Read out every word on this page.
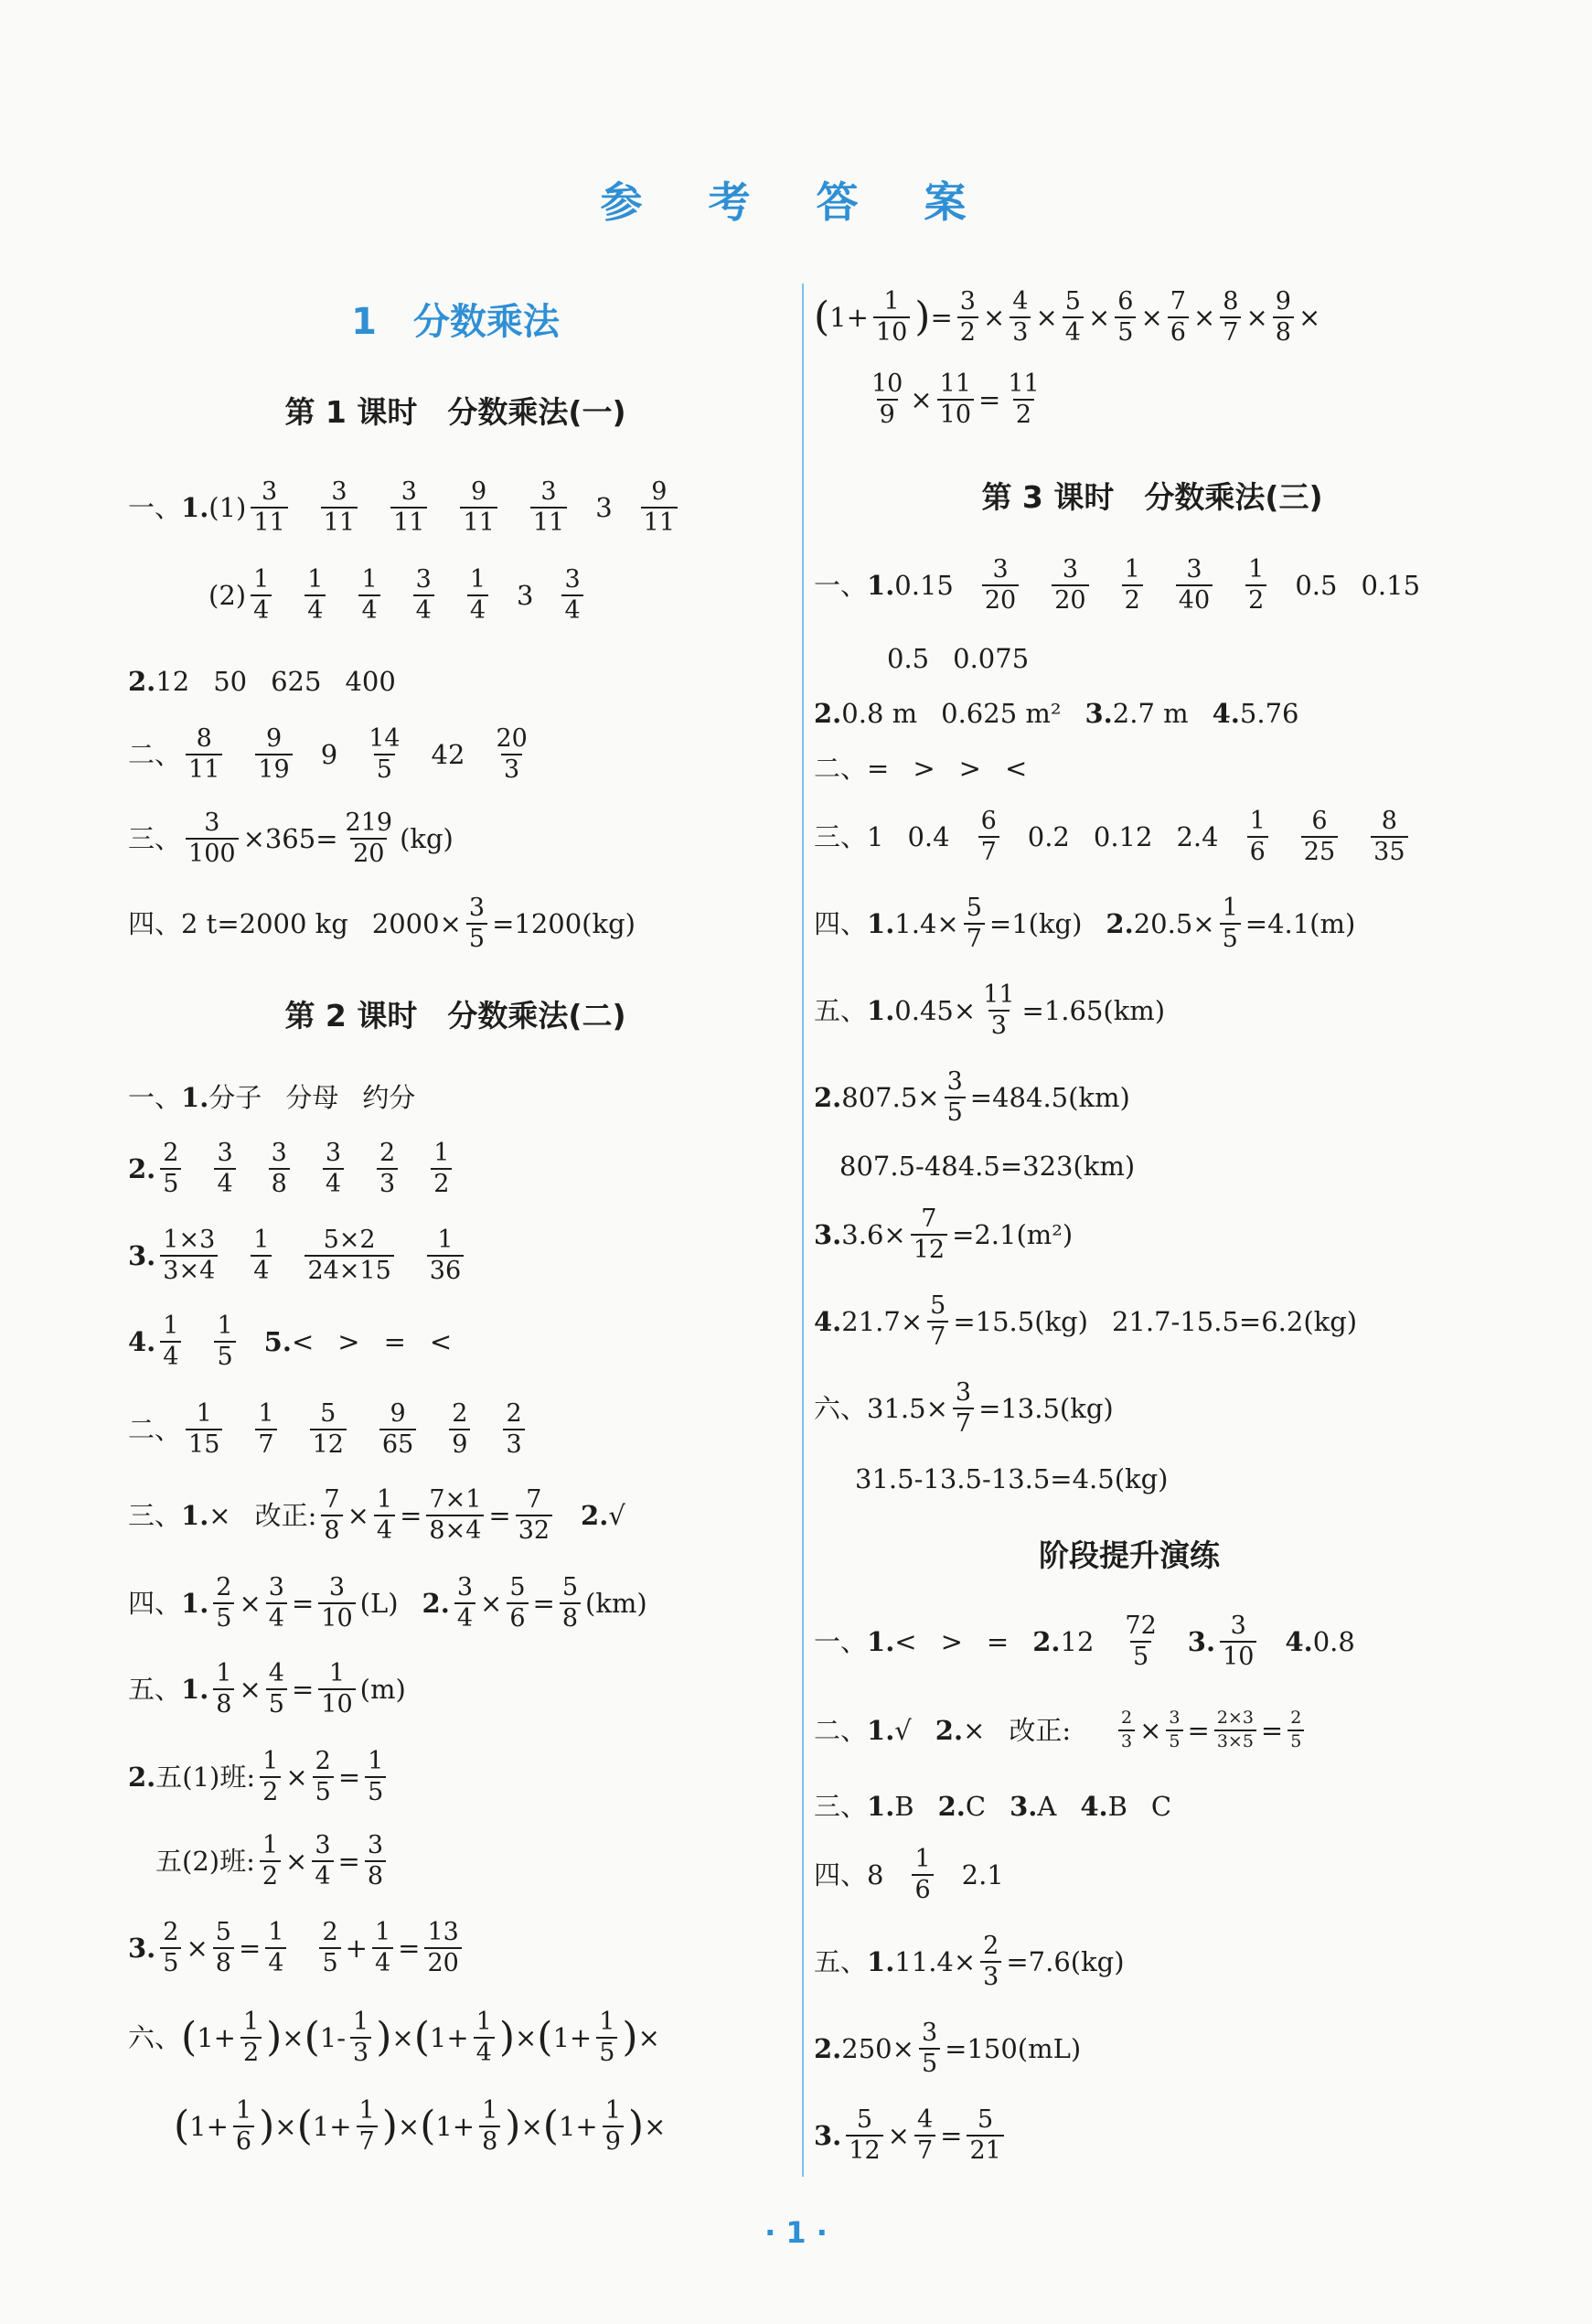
参 考 答 案
1　分数乘法
第 1 课时　分数乘法(一)
一、 1. $(1) \frac{3}{11} \frac{3}{11} \frac{3}{11} \frac{9}{11} \frac{3}{11} 3 \frac{9}{11}$
$(2) \frac{1}{4} \frac{1}{4} \frac{1}{4} \frac{3}{4} \frac{1}{4} 3 \frac{3}{4}$
2. 12 50 625 400
二、 $\frac{8}{11} \frac{9}{19} 9 \frac{14}{5} 42 \frac{20}{3}$
三、 $\frac{3}{100} \times 365= \frac{219}{20} (kg)$
四、2 t=2000 kg $2000\times \frac{3}{5} =1200(kg)$
第 2 课时　分数乘法(二)
一、 1. 分子 分母 约分
2. $\frac{2}{5} \frac{3}{4} \frac{3}{8} \frac{3}{4} \frac{2}{3} \frac{1}{2}$
3. $\frac{1\times 3}{3\times 4} \frac{1}{4} \frac{5\times 2}{24\times 15} \frac{1}{36}$
4. $\frac{1}{4} \frac{1}{5} 5$. < > = <
二、 $\frac{1}{15} \frac{1}{7} \frac{5}{12} \frac{9}{65} \frac{2}{9} \frac{2}{3}$
三、 1. × 改正: $\frac{7}{8} \times \frac{1}{4} = \frac{7\times 1}{8\times 4} = \frac{7}{32} 2$. √
四、 1. $\frac{2}{5} \times \frac{3}{4} = \frac{3}{10} (L)$ 2. $\frac{3}{4} \times \frac{5}{6} = \frac{5}{8} (km)$
五、 1. $\frac{1}{8} \times \frac{4}{5} = \frac{1}{10} (m)$
2. 五(1)班: $\frac{1}{2} \times \frac{2}{5} = \frac{1}{5}$
五(2)班: $\frac{1}{2} \times \frac{3}{4} = \frac{3}{8}$
3. $\frac{2}{5} \times \frac{5}{8} = \frac{1}{4} \frac{2}{5} + \frac{1}{4} = \frac{13}{20}$
六、 ( $1+ \frac{1}{2}$ ) × ( $1- \frac{1}{3}$ ) × ( $1+ \frac{1}{4}$ ) × ( $1+ \frac{1}{5}$ ) ×
( $1+ \frac{1}{6}$ ) × ( $1+ \frac{1}{7}$ ) × ( $1+ \frac{1}{8}$ ) × ( $1+ \frac{1}{9}$ ) ×
( $1+ \frac{1}{10}$ ) = $\frac{3}{2} \times \frac{4}{3} \times \frac{5}{4} \times \frac{6}{5} \times \frac{7}{6} \times \frac{8}{7} \times \frac{9}{8}$ ×
$\frac{10}{9} \times \frac{11}{10} = \frac{11}{2}$
第 3 课时　分数乘法(三)
一、 1. $0.15 \frac{3}{20} \frac{3}{20} \frac{1}{2} \frac{3}{40} \frac{1}{2} 0.5$ 0.15
0.5 0.075
2. 0.8 m 0.625 m² 3. 2.7 m 4. 5.76
二、= > > <
三、1 $0.4 \frac{6}{7} 0.2$ 0.12 $2.4 \frac{1}{6} \frac{6}{25} \frac{8}{35}$
四、 1. $1.4\times \frac{5}{7} =1(kg)$ 2. $20.5\times \frac{1}{5} =4.1(m)$
五、 1. $0.45\times \frac{11}{3} =1.65(km)$
2. $807.5\times \frac{3}{5} =484.5(km)$
807.5-484.5=323(km)
3. $3.6\times \frac{7}{12} =2.1(m^2)$
4. $21.7\times \frac{5}{7} =15.5(kg)$ 21.7-15.5=6.2(kg)
六、$31.5\times \frac{3}{7} =13.5(kg)$
31.5-13.5-13.5=4.5(kg)
阶段提升演练
一、 1. < > = 2. $12 \frac{72}{5} 3$. $\frac{3}{10} 4$. 0.8
二、 1. √ 2. × 改正:	$\frac{2}{3} \times \frac{3}{5} = \frac{2\times 3}{3\times 5} = \frac{2}{5}$
三、 1. B 2. C 3. A 4. B C
四、$8 \frac{1}{6} 2.1$
五、 1. $11.4\times \frac{2}{3} =7.6(kg)$
2. $250\times \frac{3}{5} =150(mL)$
3. $\frac{5}{12} \times \frac{4}{7} = \frac{5}{21}$
· 1 ·
